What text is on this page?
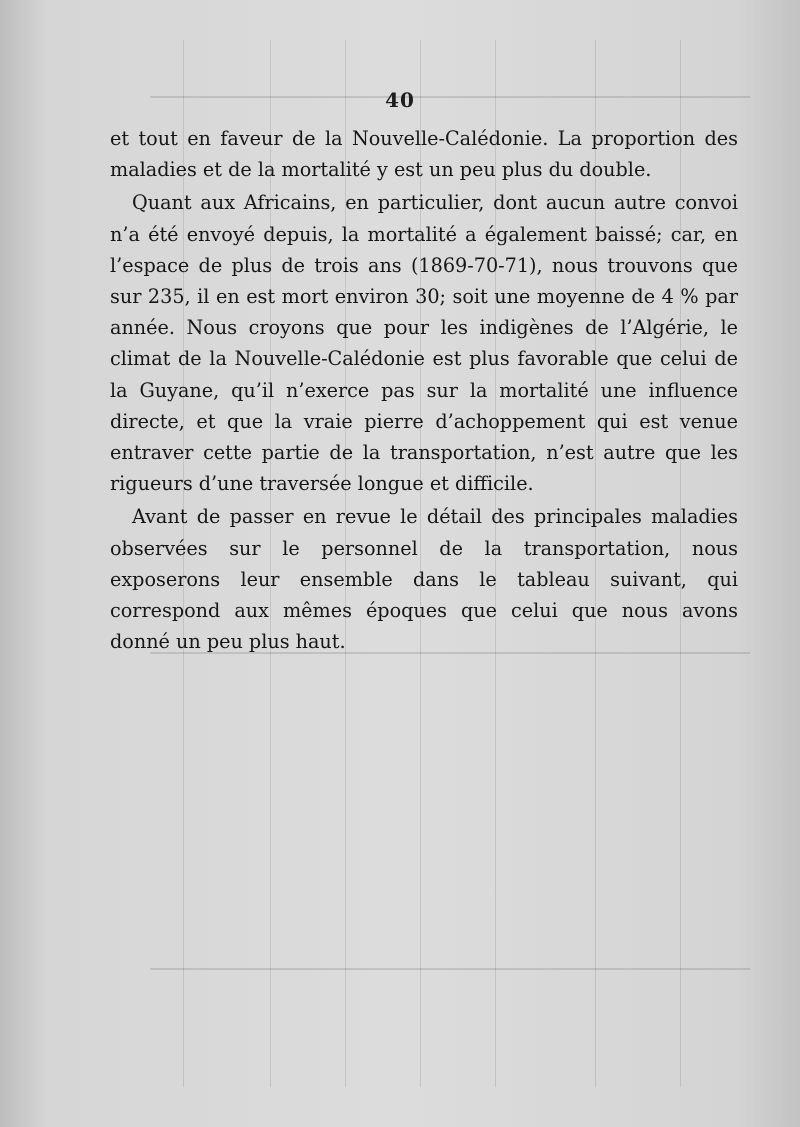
40

et tout en faveur de la Nouvelle-Calédonie. La proportion des maladies et de la mortalité y est un peu plus du double.

Quant aux Africains, en particulier, dont aucun autre convoi n’a été envoyé depuis, la mortalité a également baissé; car, en l’espace de plus de trois ans (1869-70-71), nous trouvons que sur 235, il en est mort environ 30; soit une moyenne de 4 % par année. Nous croyons que pour les indigènes de l’Algérie, le climat de la Nouvelle-Calédonie est plus favorable que celui de la Guyane, qu’il n’exerce pas sur la mortalité une influence directe, et que la vraie pierre d’achoppement qui est venue entraver cette partie de la transportation, n’est autre que les rigueurs d’une traversée longue et difficile.

Avant de passer en revue le détail des principales maladies observées sur le personnel de la transportation, nous exposerons leur ensemble dans le tableau suivant, qui correspond aux mêmes époques que celui que nous avons donné un peu plus haut.
